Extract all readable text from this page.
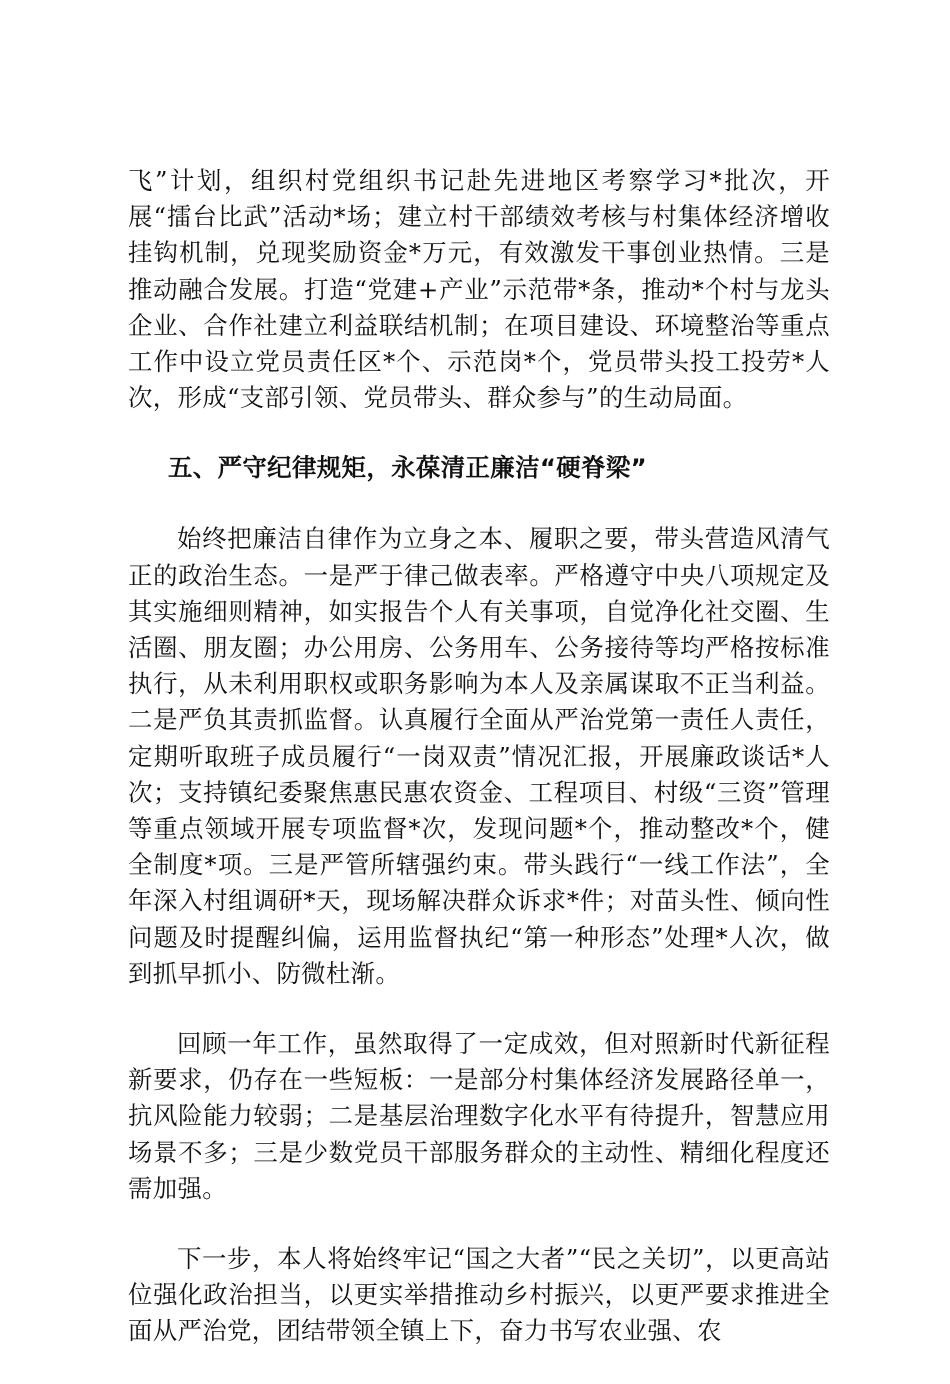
飞”计划，组织村党组织书记赴先进地区考察学习*批次，开展“擂台比武”活动*场；建立村干部绩效考核与村集体经济增收挂钩机制，兑现奖励资金*万元，有效激发干事创业热情。三是推动融合发展。打造“党建+产业”示范带*条，推动*个村与龙头企业、合作社建立利益联结机制；在项目建设、环境整治等重点工作中设立党员责任区*个、示范岗*个，党员带头投工投劳*人次，形成“支部引领、党员带头、群众参与”的生动局面。

五、严守纪律规矩，永葆清正廉洁“硬脊梁”

始终把廉洁自律作为立身之本、履职之要，带头营造风清气正的政治生态。一是严于律己做表率。严格遵守中央八项规定及其实施细则精神，如实报告个人有关事项，自觉净化社交圈、生活圈、朋友圈；办公用房、公务用车、公务接待等均严格按标准执行，从未利用职权或职务影响为本人及亲属谋取不正当利益。二是严负其责抓监督。认真履行全面从严治党第一责任人责任，定期听取班子成员履行“一岗双责”情况汇报，开展廉政谈话*人次；支持镇纪委聚焦惠民惠农资金、工程项目、村级“三资”管理等重点领域开展专项监督*次，发现问题*个，推动整改*个，健全制度*项。三是严管所辖强约束。带头践行“一线工作法”，全年深入村组调研*天，现场解决群众诉求*件；对苗头性、倾向性问题及时提醒纠偏，运用监督执纪“第一种形态”处理*人次，做到抓早抓小、防微杜渐。

回顾一年工作，虽然取得了一定成效，但对照新时代新征程新要求，仍存在一些短板：一是部分村集体经济发展路径单一，抗风险能力较弱；二是基层治理数字化水平有待提升，智慧应用场景不多；三是少数党员干部服务群众的主动性、精细化程度还需加强。

下一步，本人将始终牢记“国之大者”“民之关切”，以更高站位强化政治担当，以更实举措推动乡村振兴，以更严要求推进全面从严治党，团结带领全镇上下，奋力书写农业强、农
